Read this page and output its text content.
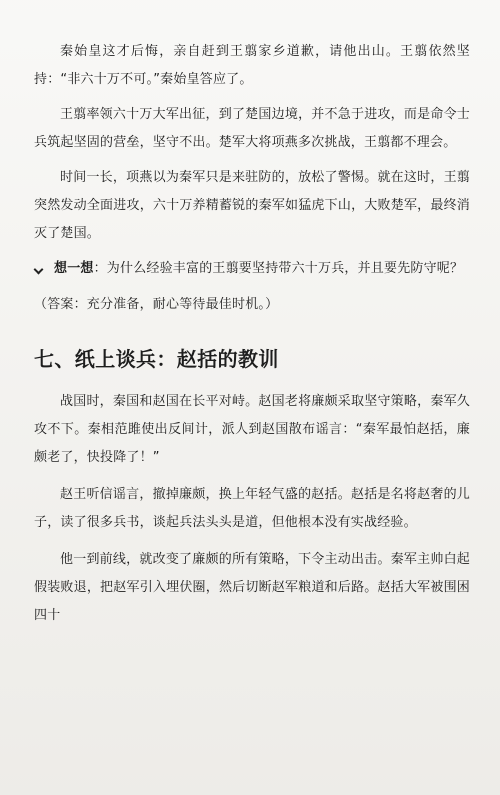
秦始皇这才后悔，亲自赶到王翦家乡道歉，请他出山。王翦依然坚持：“非六十万不可。”秦始皇答应了。

王翦率领六十万大军出征，到了楚国边境，并不急于进攻，而是命令士兵筑起坚固的营垒，坚守不出。楚军大将项燕多次挑战，王翦都不理会。

时间一长，项燕以为秦军只是来驻防的，放松了警惕。就在这时，王翦突然发动全面进攻，六十万养精蓄锐的秦军如猛虎下山，大败楚军，最终消灭了楚国。

想一想 ：为什么经验丰富的王翦要坚持带六十万兵，并且要先防守呢？

（答案：充分准备，耐心等待最佳时机。）

七、纸上谈兵：赵括的教训

战国时，秦国和赵国在长平对峙。赵国老将廉颇采取坚守策略，秦军久攻不下。秦相范雎使出反间计，派人到赵国散布谣言：“秦军最怕赵括，廉颇老了，快投降了！”

赵王听信谣言，撤掉廉颇，换上年轻气盛的赵括。赵括是名将赵奢的儿子，读了很多兵书，谈起兵法头头是道，但他根本没有实战经验。

他一到前线，就改变了廉颇的所有策略，下令主动出击。秦军主帅白起假装败退，把赵军引入埋伏圈，然后切断赵军粮道和后路。赵括大军被围困四十
